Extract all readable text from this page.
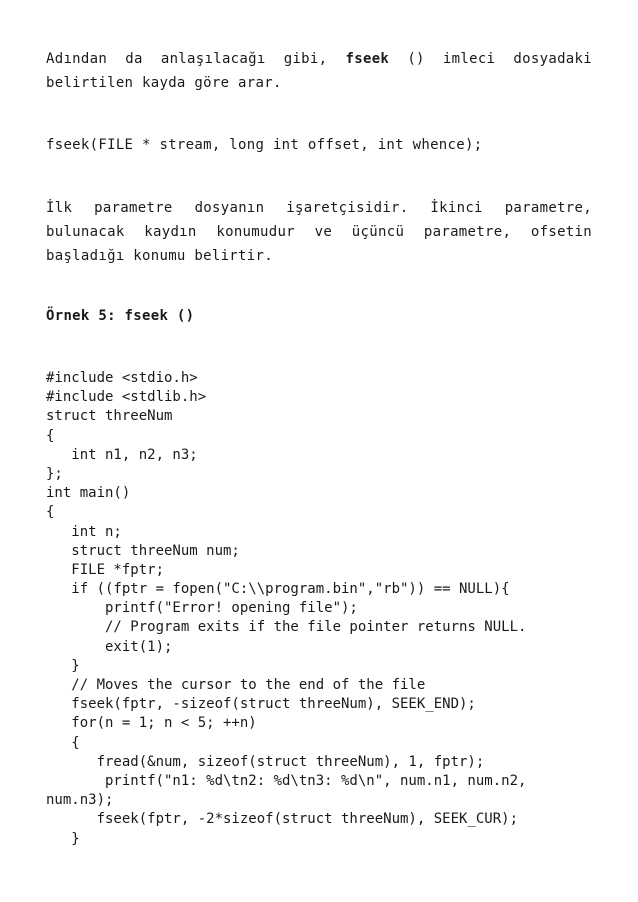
Adından da anlaşılacağı gibi, fseek () imleci dosyadaki belirtilen kayda göre arar.

fseek(FILE * stream, long int offset, int whence);

İlk parametre dosyanın işaretçisidir. İkinci parametre, bulunacak kaydın konumudur ve üçüncü parametre, ofsetin başladığı konumu belirtir.

Örnek 5: fseek ()

#include <stdio.h>
#include <stdlib.h>
struct threeNum
{
int n1, n2, n3;
};
int main()
{
int n;
struct threeNum num;
FILE *fptr;
if ((fptr = fopen("C:\\program.bin","rb")) == NULL){
printf("Error! opening file");
// Program exits if the file pointer returns NULL.
exit(1);
}
// Moves the cursor to the end of the file
fseek(fptr, -sizeof(struct threeNum), SEEK_END);
for(n = 1; n < 5; ++n)
{
fread(&num, sizeof(struct threeNum), 1, fptr);
printf("n1: %d\tn2: %d\tn3: %d\n", num.n1, num.n2,
num.n3);
fseek(fptr, -2*sizeof(struct threeNum), SEEK_CUR);
}
